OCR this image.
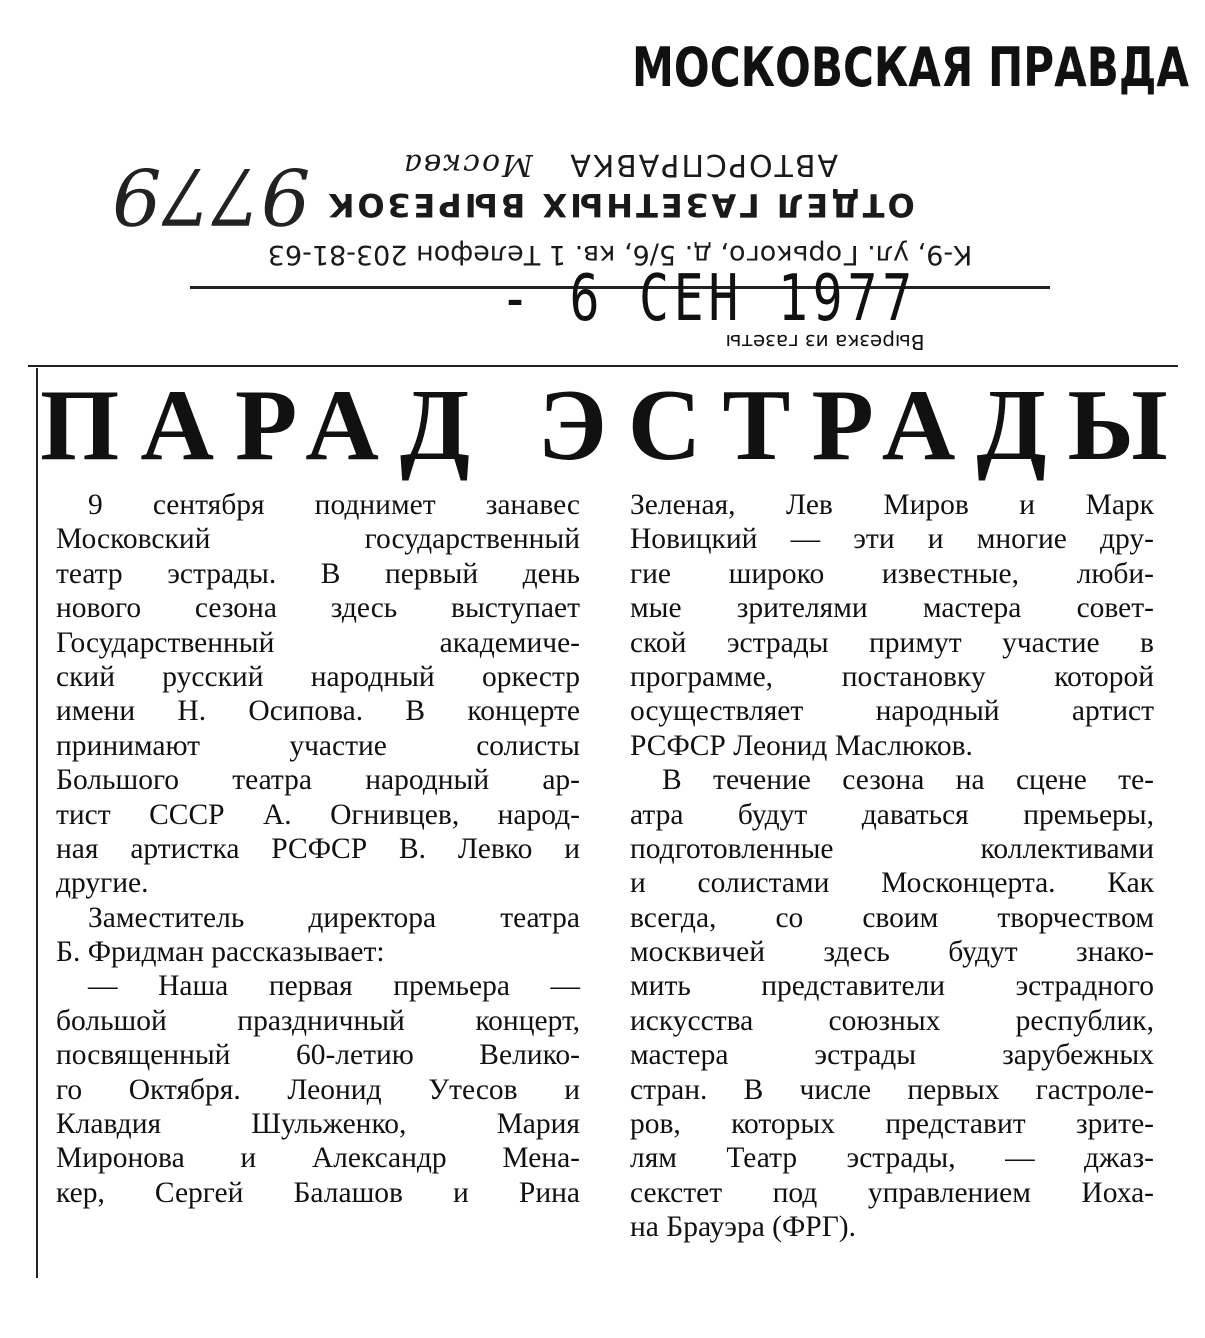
МОСКОВСКАЯ ПРАВДА
9779	АВТОРСПРАВКА Москва
ОТДЕЛ ГАЗЕТНЫХ ВЫРЕЗОК
К-9, ул. Горького, д. 5/6, кв. 1 Телефон 203-81-63
- 6 СЕН 1977
Вырезка из газеты
ПАРАД ЭСТРАДЫ
9 сентября поднимет занавес
Московский государственный
театр эстрады. В первый день
нового сезона здесь выступает
Государственный академиче-
ский русский народный оркестр
имени Н. Осипова. В концерте
принимают участие солисты
Большого театра народный ар-
тист СССР А. Огнивцев, народ-
ная артистка РСФСР В. Левко и
другие.
Заместитель директора театра
Б. Фридман рассказывает:
— Наша первая премьера —
большой праздничный концерт,
посвященный 60-летию Велико-
го Октября. Леонид Утесов и
Клавдия Шульженко, Мария
Миронова и Александр Мена-
кер, Сергей Балашов и Рина
Зеленая, Лев Миров и Марк
Новицкий — эти и многие дру-
гие широко известные, люби-
мые зрителями мастера совет-
ской эстрады примут участие в
программе, постановку которой
осуществляет народный артист
РСФСР Леонид Маслюков.
В течение сезона на сцене те-
атра будут даваться премьеры,
подготовленные коллективами
и солистами Москонцерта. Как
всегда, со своим творчеством
москвичей здесь будут знако-
мить представители эстрадного
искусства союзных республик,
мастера эстрады зарубежных
стран. В числе первых гастроле-
ров, которых представит зрите-
лям Театр эстрады, — джаз-
секстет под управлением Иоха-
на Брауэра (ФРГ).
